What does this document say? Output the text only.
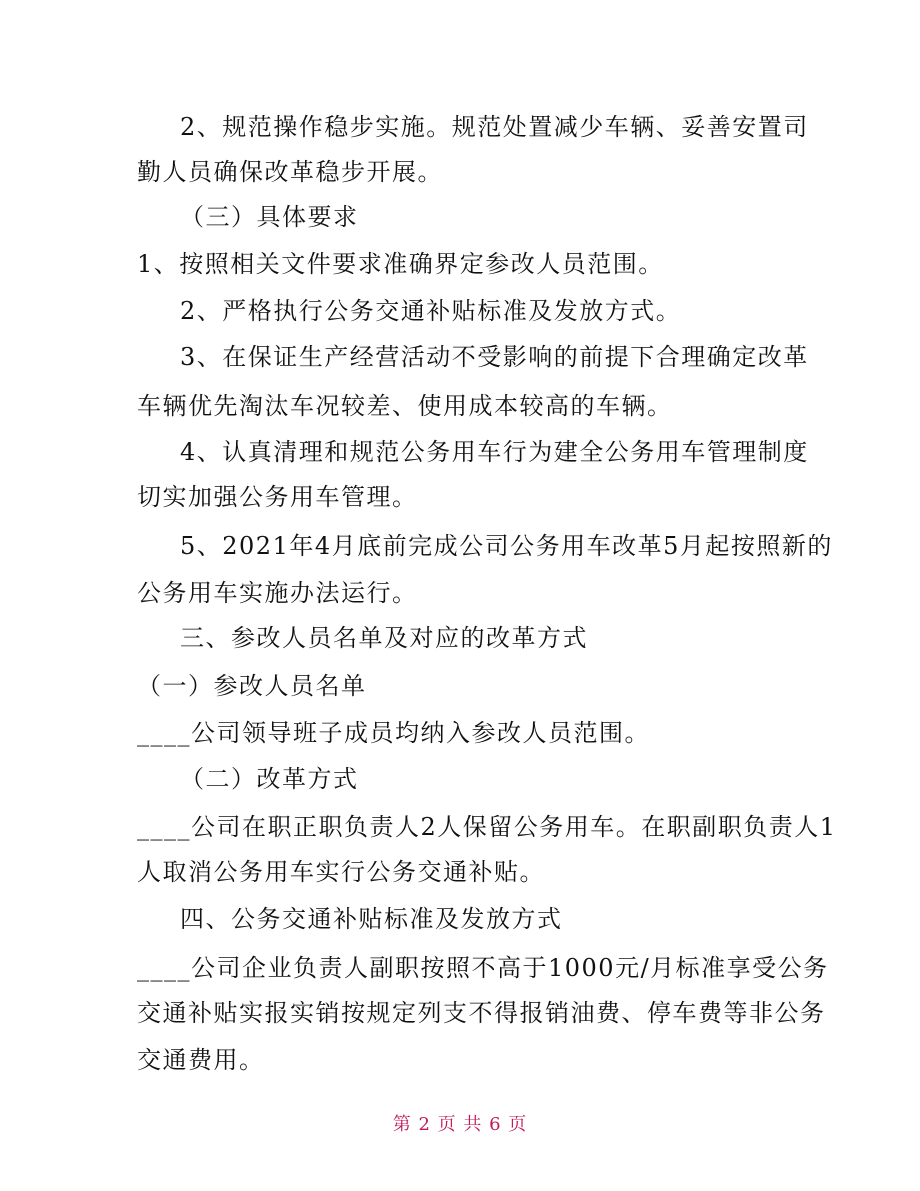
2、规范操作稳步实施。规范处置减少车辆、妥善安置司
勤人员确保改革稳步开展。
（三）具体要求
1、按照相关文件要求准确界定参改人员范围。
2、严格执行公务交通补贴标准及发放方式。
3、在保证生产经营活动不受影响的前提下合理确定改革
车辆优先淘汰车况较差、使用成本较高的车辆。
4、认真清理和规范公务用车行为建全公务用车管理制度
切实加强公务用车管理。
5、2021年4月底前完成公司公务用车改革5月起按照新的
公务用车实施办法运行。
三、参改人员名单及对应的改革方式
（一）参改人员名单
____公司领导班子成员均纳入参改人员范围。
（二）改革方式
____公司在职正职负责人2人保留公务用车。在职副职负责人1
人取消公务用车实行公务交通补贴。
四、公务交通补贴标准及发放方式
____公司企业负责人副职按照不高于1000元/月标准享受公务
交通补贴实报实销按规定列支不得报销油费、停车费等非公务
交通费用。
第 2 页 共 6 页
